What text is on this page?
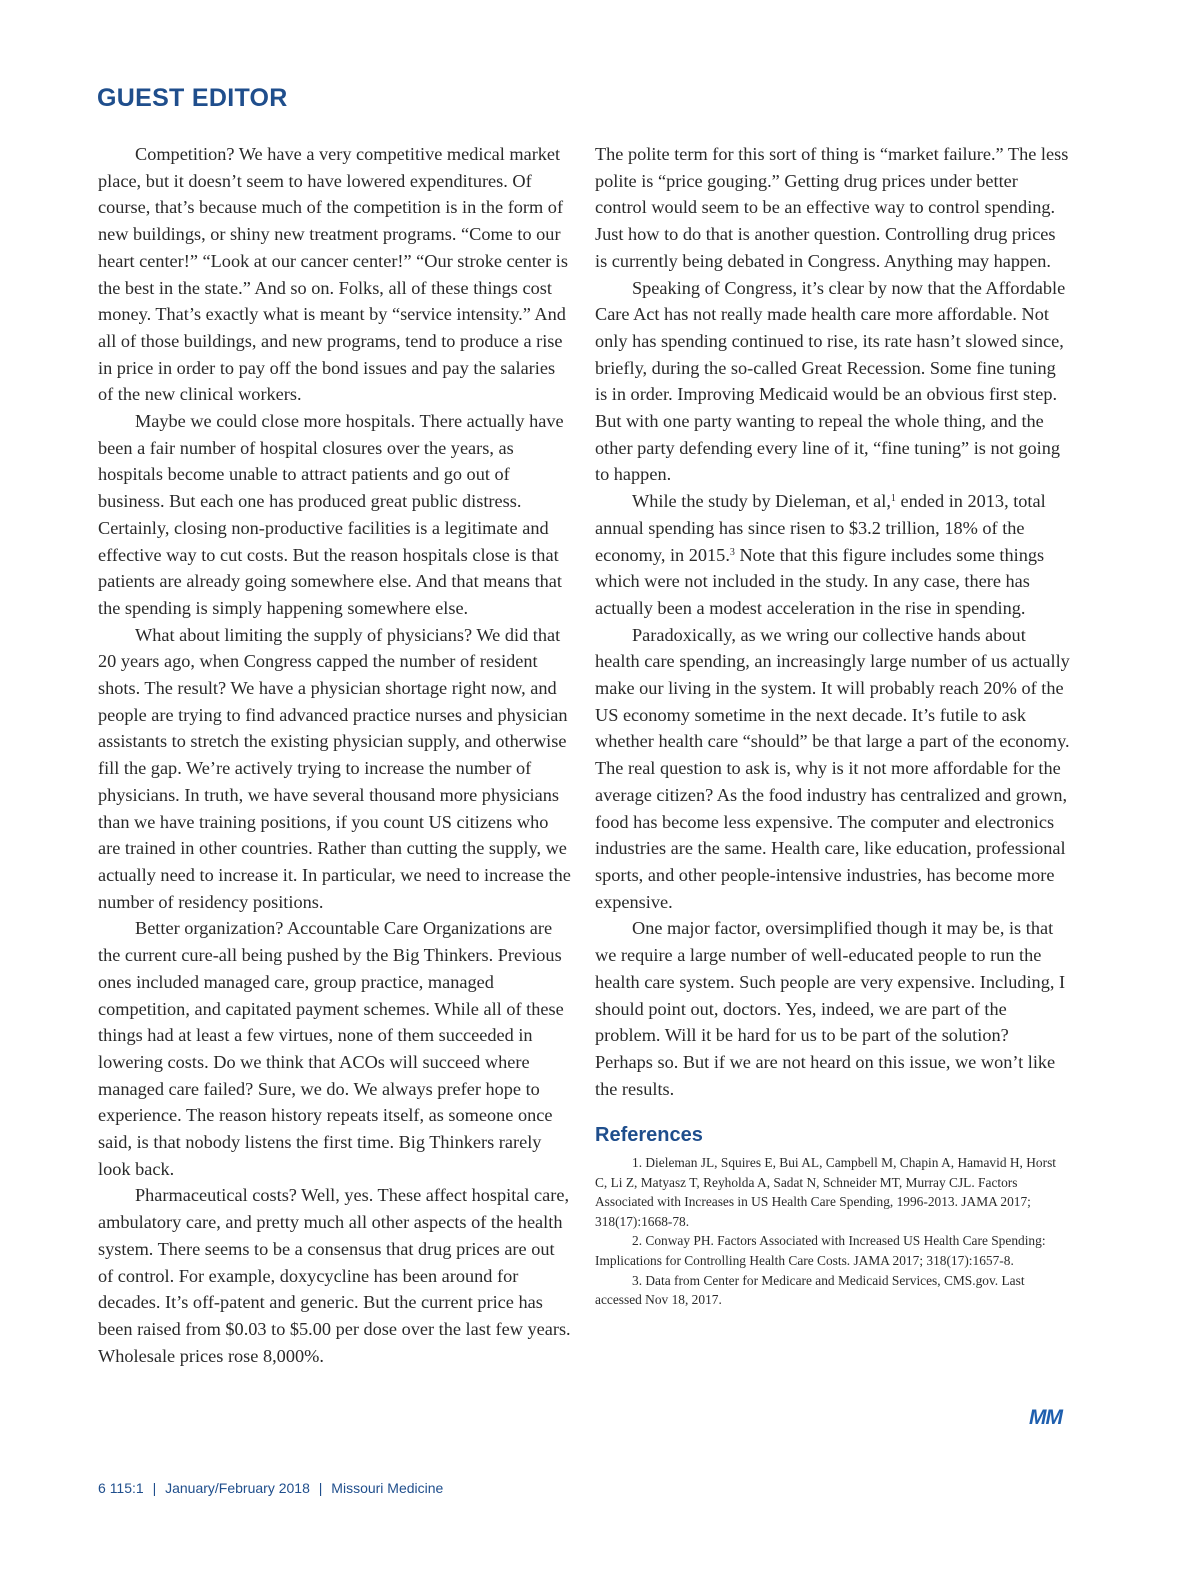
GUEST EDITOR

Competition? We have a very competitive medical market place, but it doesn’t seem to have lowered expenditures. Of course, that’s because much of the competition is in the form of new buildings, or shiny new treatment programs. “Come to our heart center!” “Look at our cancer center!” “Our stroke center is the best in the state.” And so on. Folks, all of these things cost money. That’s exactly what is meant by “service intensity.” And all of those buildings, and new programs, tend to produce a rise in price in order to pay off the bond issues and pay the salaries of the new clinical workers.

Maybe we could close more hospitals. There actually have been a fair number of hospital closures over the years, as hospitals become unable to attract patients and go out of business. But each one has produced great public distress. Certainly, closing non-productive facilities is a legitimate and effective way to cut costs. But the reason hospitals close is that patients are already going somewhere else. And that means that the spending is simply happening somewhere else.

What about limiting the supply of physicians? We did that 20 years ago, when Congress capped the number of resident shots. The result? We have a physician shortage right now, and people are trying to find advanced practice nurses and physician assistants to stretch the existing physician supply, and otherwise fill the gap. We’re actively trying to increase the number of physicians. In truth, we have several thousand more physicians than we have training positions, if you count US citizens who are trained in other countries. Rather than cutting the supply, we actually need to increase it. In particular, we need to increase the number of residency positions.

Better organization? Accountable Care Organizations are the current cure-all being pushed by the Big Thinkers. Previous ones included managed care, group practice, managed competition, and capitated payment schemes. While all of these things had at least a few virtues, none of them succeeded in lowering costs. Do we think that ACOs will succeed where managed care failed? Sure, we do. We always prefer hope to experience. The reason history repeats itself, as someone once said, is that nobody listens the first time. Big Thinkers rarely look back.

Pharmaceutical costs? Well, yes. These affect hospital care, ambulatory care, and pretty much all other aspects of the health system. There seems to be a consensus that drug prices are out of control. For example, doxycycline has been around for decades. It’s off-patent and generic. But the current price has been raised from $0.03 to $5.00 per dose over the last few years. Wholesale prices rose 8,000%.

The polite term for this sort of thing is “market failure.” The less polite is “price gouging.” Getting drug prices under better control would seem to be an effective way to control spending. Just how to do that is another question. Controlling drug prices is currently being debated in Congress. Anything may happen.

Speaking of Congress, it’s clear by now that the Affordable Care Act has not really made health care more affordable. Not only has spending continued to rise, its rate hasn’t slowed since, briefly, during the so-called Great Recession. Some fine tuning is in order. Improving Medicaid would be an obvious first step. But with one party wanting to repeal the whole thing, and the other party defending every line of it, “fine tuning” is not going to happen.

While the study by Dieleman, et al,$^1$ ended in 2013, total annual spending has since risen to $3.2 trillion, 18% of the economy, in 2015.$^3$ Note that this figure includes some things which were not included in the study. In any case, there has actually been a modest acceleration in the rise in spending.

Paradoxically, as we wring our collective hands about health care spending, an increasingly large number of us actually make our living in the system. It will probably reach 20% of the US economy sometime in the next decade. It’s futile to ask whether health care “should” be that large a part of the economy. The real question to ask is, why is it not more affordable for the average citizen? As the food industry has centralized and grown, food has become less expensive. The computer and electronics industries are the same. Health care, like education, professional sports, and other people-intensive industries, has become more expensive.

One major factor, oversimplified though it may be, is that we require a large number of well-educated people to run the health care system. Such people are very expensive. Including, I should point out, doctors. Yes, indeed, we are part of the problem. Will it be hard for us to be part of the solution? Perhaps so. But if we are not heard on this issue, we won’t like the results.

References

1. Dieleman JL, Squires E, Bui AL, Campbell M, Chapin A, Hamavid H, Horst C, Li Z, Matyasz T, Reyholda A, Sadat N, Schneider MT, Murray CJL. Factors Associated with Increases in US Health Care Spending, 1996-2013. JAMA 2017; 318(17):1668-78.

2. Conway PH. Factors Associated with Increased US Health Care Spending: Implications for Controlling Health Care Costs. JAMA 2017; 318(17):1657-8.

3. Data from Center for Medicare and Medicaid Services, CMS.gov. Last accessed Nov 18, 2017.

MM
6 115:1 | January/February 2018 | Missouri Medicine
